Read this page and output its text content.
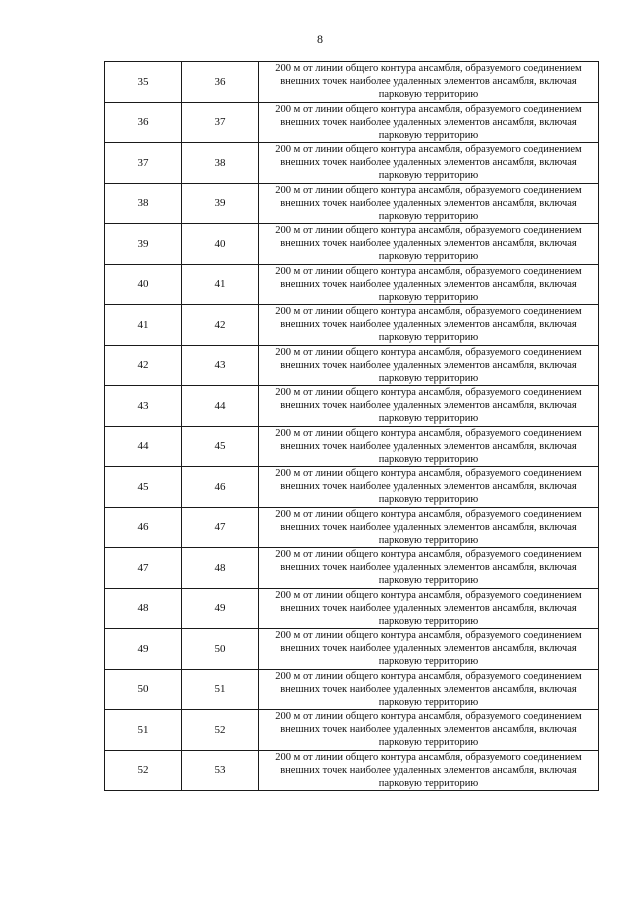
8
35	36	200 м от линии общего контура ансамбля, образуемого соединением внешних точек наиболее удаленных элементов ансамбля, включая парковую территорию
36	37	200 м от линии общего контура ансамбля, образуемого соединением внешних точек наиболее удаленных элементов ансамбля, включая парковую территорию
37	38	200 м от линии общего контура ансамбля, образуемого соединением внешних точек наиболее удаленных элементов ансамбля, включая парковую территорию
38	39	200 м от линии общего контура ансамбля, образуемого соединением внешних точек наиболее удаленных элементов ансамбля, включая парковую территорию
39	40	200 м от линии общего контура ансамбля, образуемого соединением внешних точек наиболее удаленных элементов ансамбля, включая парковую территорию
40	41	200 м от линии общего контура ансамбля, образуемого соединением внешних точек наиболее удаленных элементов ансамбля, включая парковую территорию
41	42	200 м от линии общего контура ансамбля, образуемого соединением внешних точек наиболее удаленных элементов ансамбля, включая парковую территорию
42	43	200 м от линии общего контура ансамбля, образуемого соединением внешних точек наиболее удаленных элементов ансамбля, включая парковую территорию
43	44	200 м от линии общего контура ансамбля, образуемого соединением внешних точек наиболее удаленных элементов ансамбля, включая парковую территорию
44	45	200 м от линии общего контура ансамбля, образуемого соединением внешних точек наиболее удаленных элементов ансамбля, включая парковую территорию
45	46	200 м от линии общего контура ансамбля, образуемого соединением внешних точек наиболее удаленных элементов ансамбля, включая парковую территорию
46	47	200 м от линии общего контура ансамбля, образуемого соединением внешних точек наиболее удаленных элементов ансамбля, включая парковую территорию
47	48	200 м от линии общего контура ансамбля, образуемого соединением внешних точек наиболее удаленных элементов ансамбля, включая парковую территорию
48	49	200 м от линии общего контура ансамбля, образуемого соединением внешних точек наиболее удаленных элементов ансамбля, включая парковую территорию
49	50	200 м от линии общего контура ансамбля, образуемого соединением внешних точек наиболее удаленных элементов ансамбля, включая парковую территорию
50	51	200 м от линии общего контура ансамбля, образуемого соединением внешних точек наиболее удаленных элементов ансамбля, включая парковую территорию
51	52	200 м от линии общего контура ансамбля, образуемого соединением внешних точек наиболее удаленных элементов ансамбля, включая парковую территорию
52	53	200 м от линии общего контура ансамбля, образуемого соединением внешних точек наиболее удаленных элементов ансамбля, включая парковую территорию
